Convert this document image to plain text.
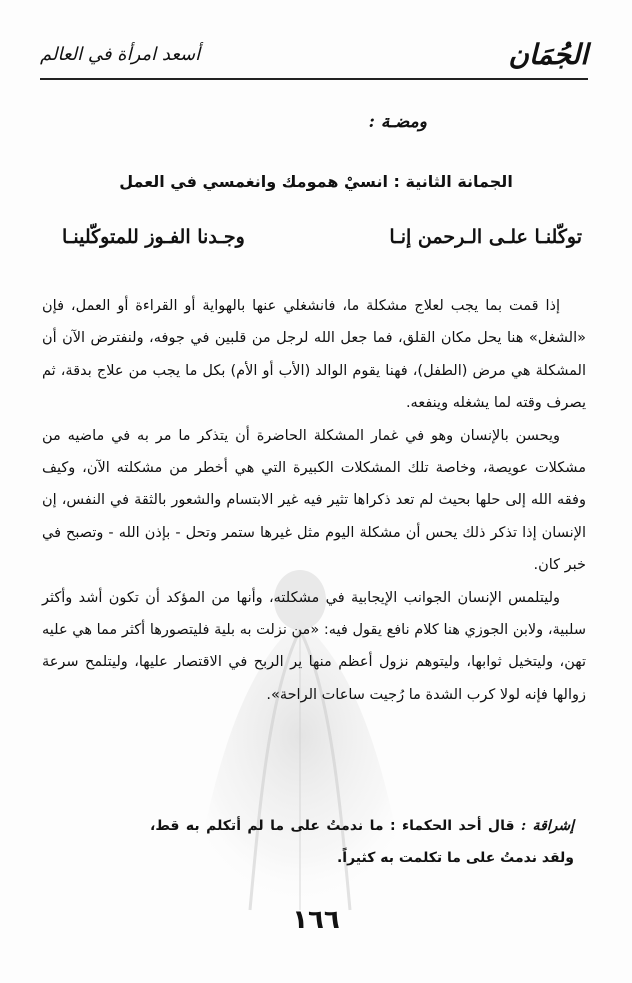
الجُمَان
أسعد امرأة في العالم
ومضـة :
الجمانة الثانية : انسيْ همومك وانغمسي في العمل
توكّلنـا علـى الـرحمن إنـا
وجـدنا الفـوز للمتوكّلينـا

إذا قمت بما يجب لعلاج مشكلة ما، فانشغلي عنها بالهواية أو القراءة أو العمل، فإن «الشغل» هنا يحل مكان القلق، فما جعل الله لرجل من قلبين في جوفه، ولنفترض الآن أن المشكلة هي مرض (الطفل)، فهنا يقوم الوالد (الأب أو الأم) بكل ما يجب من علاج بدقة، ثم يصرف وقته لما يشغله وينفعه.

ويحسن بالإنسان وهو في غمار المشكلة الحاضرة أن يتذكر ما مر به في ماضيه من مشكلات عويصة، وخاصة تلك المشكلات الكبيرة التي هي أخطر من مشكلته الآن، وكيف وفقه الله إلى حلها بحيث لم تعد ذكراها تثير فيه غير الابتسام والشعور بالثقة في النفس، إن الإنسان إذا تذكر ذلك يحس أن مشكلة اليوم مثل غيرها ستمر وتحل - بإذن الله - وتصبح في خبر كان.

وليتلمس الإنسان الجوانب الإيجابية في مشكلته، وأنها من المؤكد أن تكون أشد وأكثر سلبية، ولابن الجوزي هنا كلام نافع يقول فيه: «من نزلت به بلية فليتصورها أكثر مما هي عليه تهن، وليتخيل ثوابها، وليتوهم نزول أعظم منها ير الربح في الاقتصار عليها، وليتلمح سرعة زوالها فإنه لولا كرب الشدة ما رُجيت ساعات الراحة».

إشراقة : قال أحد الحكماء : ما ندمتُ على ما لم أتكلم به قط، ولقد ندمتُ على ما تكلمت به كثيراً.
١٦٦
